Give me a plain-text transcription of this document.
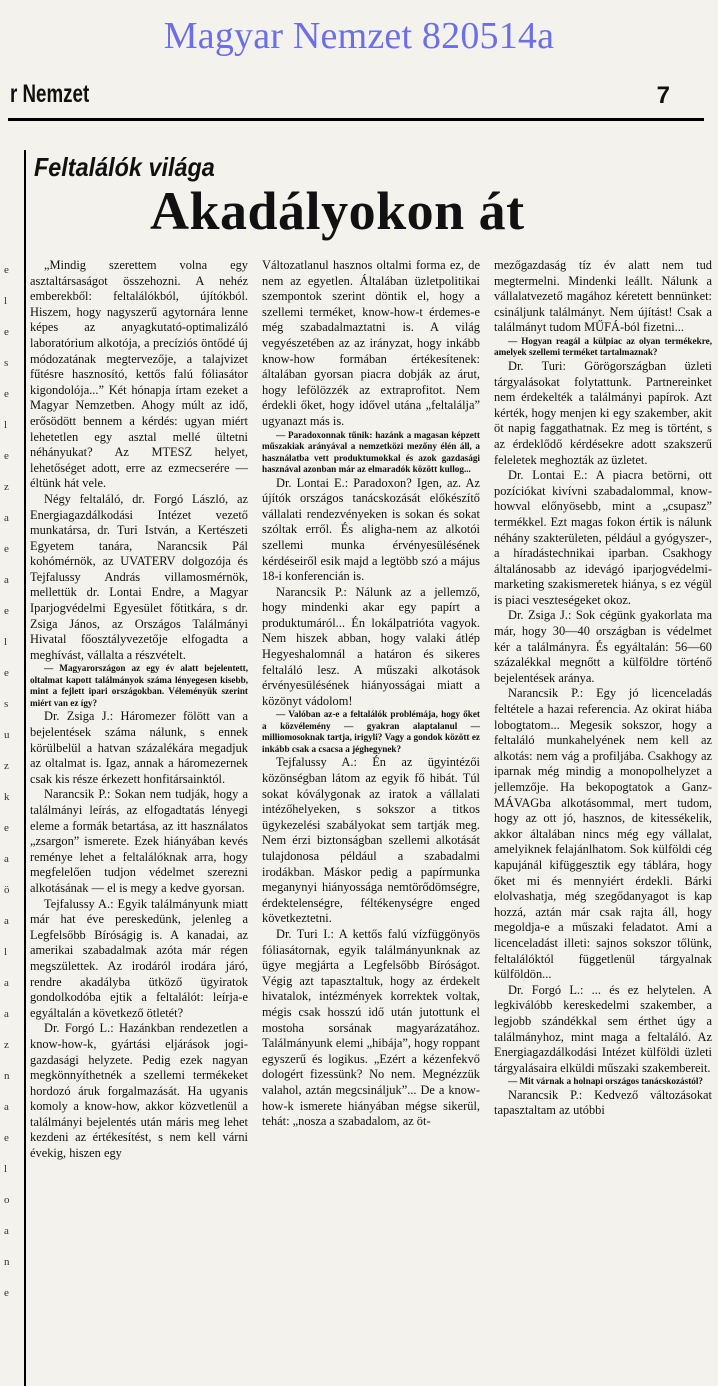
Magyar Nemzet 820514a
r Nemzet	7
e
l
e
s
e
l
e
z
a
e
a
e
l
e
s
u
z
k
e
a
ö
a
l
a
a
z
n
a
e
l
o
a
n
e
Feltalálók világa
Akadályokon át

„Mindig szerettem volna egy asztaltársaságot összehozni. A nehéz emberekből: feltalálókból, újítókból. Hiszem, hogy nagyszerű agytornára lenne képes az anyagkutató-optimalizáló laboratórium alkotója, a precíziós öntődé új módozatának megtervezője, a talajvizet fűtésre hasznosító, kettős falú fóliasátor kigondolója...” Két hónapja írtam ezeket a Magyar Nemzetben. Ahogy múlt az idő, erősödött bennem a kérdés: ugyan miért lehetetlen egy asztal mellé ültetni néhányukat? Az MTESZ helyet, lehetőséget adott, erre az ezmecserére — éltünk hát vele.

Négy feltaláló, dr. Forgó László, az Energiagazdálkodási Intézet vezető munkatársa, dr. Turi István, a Kertészeti Egyetem tanára, Narancsik Pál kohómérnök, az UVATERV dolgozója és Tejfalussy András villamosmérnök, mellettük dr. Lontai Endre, a Magyar Iparjogvédelmi Egyesület főtitkára, s dr. Zsiga János, az Országos Találmányi Hivatal főosztályvezetője elfogadta a meghívást, vállalta a részvételt.

— Magyarországon az egy év alatt bejelentett, oltalmat kapott találmányok száma lényegesen kisebb, mint a fejlett ipari országokban. Véleményük szerint miért van ez így?

Dr. Zsiga J.: Háromezer fölött van a bejelentések száma nálunk, s ennek körülbelül a hatvan százalékára megadjuk az oltalmat is. Igaz, annak a háromezernek csak kis része érkezett honfitársainktól.

Narancsik P.: Sokan nem tudják, hogy a találmányi leírás, az elfogadtatás lényegi eleme a formák betartása, az itt használatos „zsargon” ismerete. Ezek hiányában kevés reménye lehet a feltalálóknak arra, hogy megfelelően tudjon védelmet szerezni alkotásának — el is megy a kedve gyorsan.

Tejfalussy A.: Egyik találmányunk miatt már hat éve pereskedünk, jelenleg a Legfelsőbb Bíróságig is. A kanadai, az amerikai szabadalmak azóta már régen megszülettek. Az irodáról irodára járó, rendre akadályba ütköző ügyiratok gondolkodóba ejtik a feltalálót: leírja-e egyáltalán a következő ötletét?

Dr. Forgó L.: Hazánkban rendezetlen a know-how-k, gyártási eljárások jogi-gazdasági helyzete. Pedig ezek nagyan megkönnyíthetnék a szellemi termékeket hordozó áruk forgalmazását. Ha ugyanis komoly a know-how, akkor közvetlenül a találmányi bejelentés után máris meg lehet kezdeni az értékesítést, s nem kell várni évekig, hiszen egy

Változatlanul hasznos oltalmi forma ez, de nem az egyetlen. Általában üzletpolitikai szempontok szerint döntik el, hogy a szellemi terméket, know-how-t érdemes-e még szabadalmaztatni is. A világ vegyészetében az az irányzat, hogy inkább know-how formában értékesítenek: általában gyorsan piacra dobják az árut, hogy lefölözzék az extraprofitot. Nem érdekli őket, hogy idővel utána „feltalálja” ugyanazt más is.

— Paradoxonnak tűnik: hazánk a magasan képzett műszakiak arányával a nemzetközi mezőny élén áll, a használatba vett produktumokkal és azok gazdasági hasznával azonban már az elmaradók között kullog...

Dr. Lontai E.: Paradoxon? Igen, az. Az újítók országos tanácskozását előkészítő vállalati rendezvényeken is sokan és sokat szóltak erről. És aligha-nem az alkotói szellemi munka érvényesülésének kérdéseiről esik majd a legtöbb szó a május 18-i konferencián is.

Narancsik P.: Nálunk az a jellemző, hogy mindenki akar egy papírt a produktumáról... Én lokálpatrióta vagyok. Nem hiszek abban, hogy valaki átlép Hegyeshalomnál a határon és sikeres feltaláló lesz. A műszaki alkotások érvényesülésének hiányosságai miatt a közönyt vádolom!

— Valóban az-e a feltalálók problémája, hogy őket a közvélemény — gyakran alaptalanul — milliomosoknak tartja, irigyli? Vagy a gondok között ez inkább csak a csacsa a jéghegynek?

Tejfalussy A.: Én az ügyintézői közönségban látom az egyik fő hibát. Túl sokat kóválygonak az iratok a vállalati intézőhelyeken, s sokszor a titkos ügykezelési szabályokat sem tartják meg. Nem érzi biztonságban szellemi alkotását tulajdonosa például a szabadalmi irodákban. Máskor pedig a papírmunka meganynyi hiányossága nemtörődömségre, érdektelenségre, féltékenységre enged következtetni.

Dr. Turi I.: A kettős falú vízfüggönyös fóliasátornak, egyik találmányunknak az ügye megjárta a Legfelsőbb Bíróságot. Végig azt tapasztaltuk, hogy az érdekelt hivatalok, intézmények korrektek voltak, mégis csak hosszú idő után jutottunk el mostoha sorsának magyarázatához. Találmányunk elemi „hibája”, hogy roppant egyszerű és logikus. „Ezért a kézenfekvő dologért fizessünk? No nem. Megnézzük valahol, aztán megcsináljuk”... De a know-how-k ismerete hiányában mégse sikerül, tehát: „nosza a szabadalom, az öt-

mezőgazdaság tíz év alatt nem tud megtermelni. Mindenki leállt. Nálunk a vállalatvezető magához kéretett bennünket: csináljunk találmányt. Nem újítást! Csak a találmányt tudom MŰFÁ-ból fizetni...

— Hogyan reagál a külpiac az olyan termékekre, amelyek szellemi terméket tartalmaznak?

Dr. Turi: Görögországban üzleti tárgyalásokat folytattunk. Partnereinket nem érdekelték a találmányi papírok. Azt kérték, hogy menjen ki egy szakember, akit öt napig faggathatnak. Ez meg is történt, s az érdeklődő kérdésekre adott szakszerű feleletek meghozták az üzletet.

Dr. Lontai E.: A piacra betörni, ott pozíciókat kivívni szabadalommal, know-howval előnyösebb, mint a „csupasz” termékkel. Ezt magas fokon értik is nálunk néhány szakterületen, például a gyógyszer-, a híradástechnikai iparban. Csakhogy általánosabb az idevágó iparjogvédelmi-marketing szakismeretek hiánya, s ez végül is piaci veszteségeket okoz.

Dr. Zsiga J.: Sok cégünk gyakorlata ma már, hogy 30—40 országban is védelmet kér a találmányra. És egyáltalán: 56—60 százalékkal megnőtt a külföldre történő bejelentések aránya.

Narancsik P.: Egy jó licenceladás feltétele a hazai referencia. Az okirat hiába lobogtatom... Megesik sokszor, hogy a feltaláló munkahelyének nem kell az alkotás: nem vág a profiljába. Csakhogy az iparnak még mindig a monopolhelyzet a jellemzője. Ha bekopogtatok a Ganz-MÁVAGba alkotásommal, mert tudom, hogy az ott jó, hasznos, de kitessékelik, akkor általában nincs még egy vállalat, amelyiknek felajánlhatom. Sok külföldi cég kapujánál kifüggesztik egy táblára, hogy őket mi és mennyiért érdekli. Bárki elolvashatja, még szegődanyagot is kap hozzá, aztán már csak rajta áll, hogy megoldja-e a műszaki feladatot. Ami a licenceladást illeti: sajnos sokszor tőlünk, feltalálóktól függetlenül tárgyalnak külföldön...

Dr. Forgó L.: ... és ez helytelen. A legkiválóbb kereskedelmi szakember, a legjobb szándékkal sem érthet úgy a találmányhoz, mint maga a feltaláló. Az Energiagazdálkodási Intézet külföldi üzleti tárgyalásaira elküldi műszaki szakembereit.

— Mit várnak a holnapi országos tanácskozástól?

Narancsik P.: Kedvező változásokat tapasztaltam az utóbbi
